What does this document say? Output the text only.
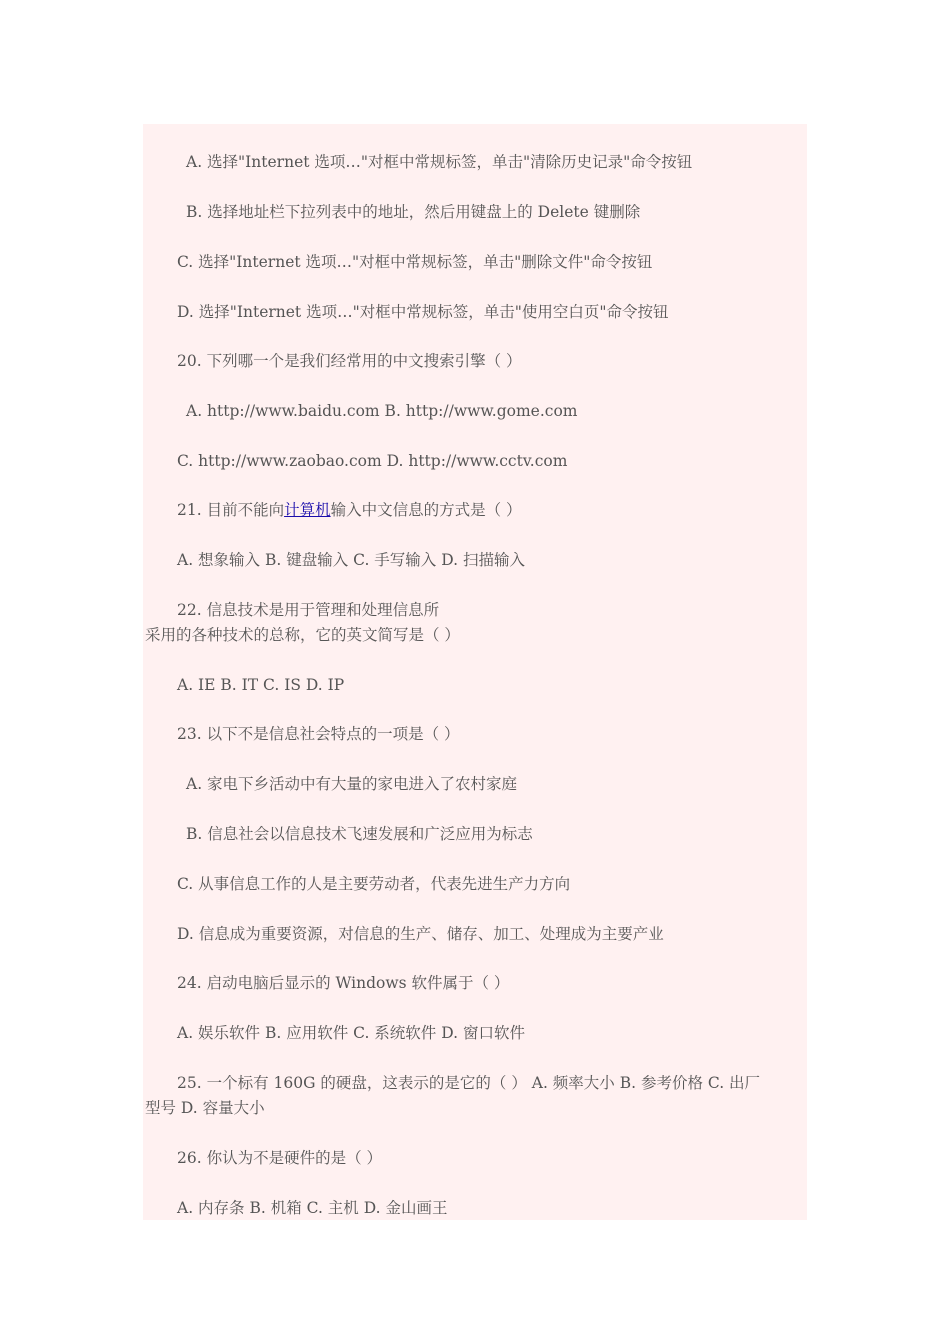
A. 选择"Internet 选项…"对框中常规标签，单击"清除历史记录"命令按钮
B. 选择地址栏下拉列表中的地址，然后用键盘上的 Delete 键删除
C. 选择"Internet 选项…"对框中常规标签，单击"删除文件"命令按钮
D. 选择"Internet 选项…"对框中常规标签，单击"使用空白页"命令按钮
20. 下列哪一个是我们经常用的中文搜索引擎（ ）
A. http://www.baidu.com B. http://www.gome.com
C. http://www.zaobao.com D. http://www.cctv.com
21. 目前不能向计算机输入中文信息的方式是（ ）
A. 想象输入 B. 键盘输入 C. 手写输入 D. 扫描输入
22. 信息技术是用于管理和处理信息所
采用的各种技术的总称，它的英文简写是（ ）
A. IE B. IT C. IS D. IP
23. 以下不是信息社会特点的一项是（ ）
A. 家电下乡活动中有大量的家电进入了农村家庭
B. 信息社会以信息技术飞速发展和广泛应用为标志
C. 从事信息工作的人是主要劳动者，代表先进生产力方向
D. 信息成为重要资源，对信息的生产、储存、加工、处理成为主要产业
24. 启动电脑后显示的 Windows 软件属于（ ）
A. 娱乐软件 B. 应用软件 C. 系统软件 D. 窗口软件
25. 一个标有 160G 的硬盘，这表示的是它的（ ） A. 频率大小 B. 参考价格 C. 出厂
型号 D. 容量大小
26. 你认为不是硬件的是（ ）
A. 内存条 B. 机箱 C. 主机 D. 金山画王
